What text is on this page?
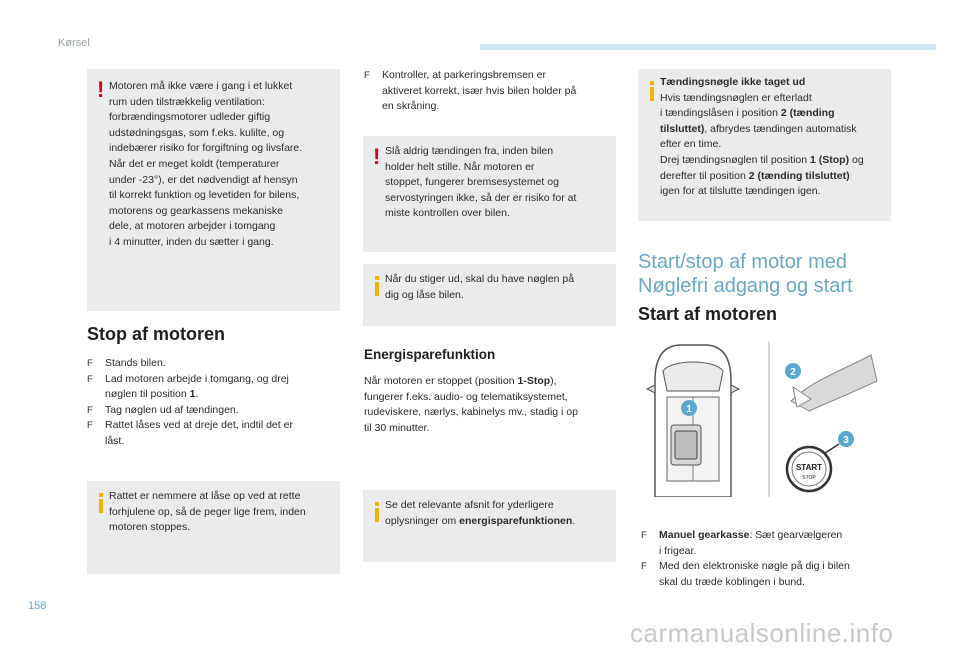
Kørsel
! Motoren må ikke være i gang i et lukket
rum uden tilstrækkelig ventilation:
forbrændingsmotorer udleder giftig
udstødningsgas, som f.eks. kulilte, og
indebærer risiko for forgiftning og livsfare.
Når det er meget koldt (temperaturer
under -23°), er det nødvendigt af hensyn
til korrekt funktion og levetiden for bilens,
motorens og gearkassens mekaniske
dele, at motoren arbejder i tomgang
i 4 minutter, inden du sætter i gang.
Stop af motoren
F Stands bilen.
F Lad motoren arbejde i tomgang, og drej
nøglen til position 1.
F Tag nøglen ud af tændingen.
F Rattet låses ved at dreje det, indtil det er
låst.
Rattet er nemmere at låse op ved at rette
forhjulene op, så de peger lige frem, inden
motoren stoppes.
F Kontroller, at parkeringsbremsen er
aktiveret korrekt, især hvis bilen holder på
en skråning.
! Slå aldrig tændingen fra, inden bilen
holder helt stille. Når motoren er
stoppet, fungerer bremsesystemet og
servostyringen ikke, så der er risiko for at
miste kontrollen over bilen.
Når du stiger ud, skal du have nøglen på
dig og låse bilen.
Energisparefunktion
Når motoren er stoppet (position 1-Stop),
fungerer f.eks. audio- og telematiksystemet,
rudeviskere, nærlys, kabinelys mv., stadig i op
til 30 minutter.
Se det relevante afsnit for yderligere
oplysninger om energisparefunktionen.
Tændingsnøgle ikke taget ud
Hvis tændingsnøglen er efterladt
i tændingslåsen i position 2 (tænding
tilsluttet), afbrydes tændingen automatisk
efter en time.
Drej tændingsnøglen til position 1 (Stop) og
derefter til position 2 (tænding tilsluttet)
igen for at tilslutte tændingen igen.
Start/stop af motor med
Nøglefri adgang og start
Start af motoren
START
STOP
1
2
3
F Manuel gearkasse: Sæt gearvælgeren
i frigear.
F Med den elektroniske nøgle på dig i bilen
skal du træde koblingen i bund.
158
carmanualsonline.info
